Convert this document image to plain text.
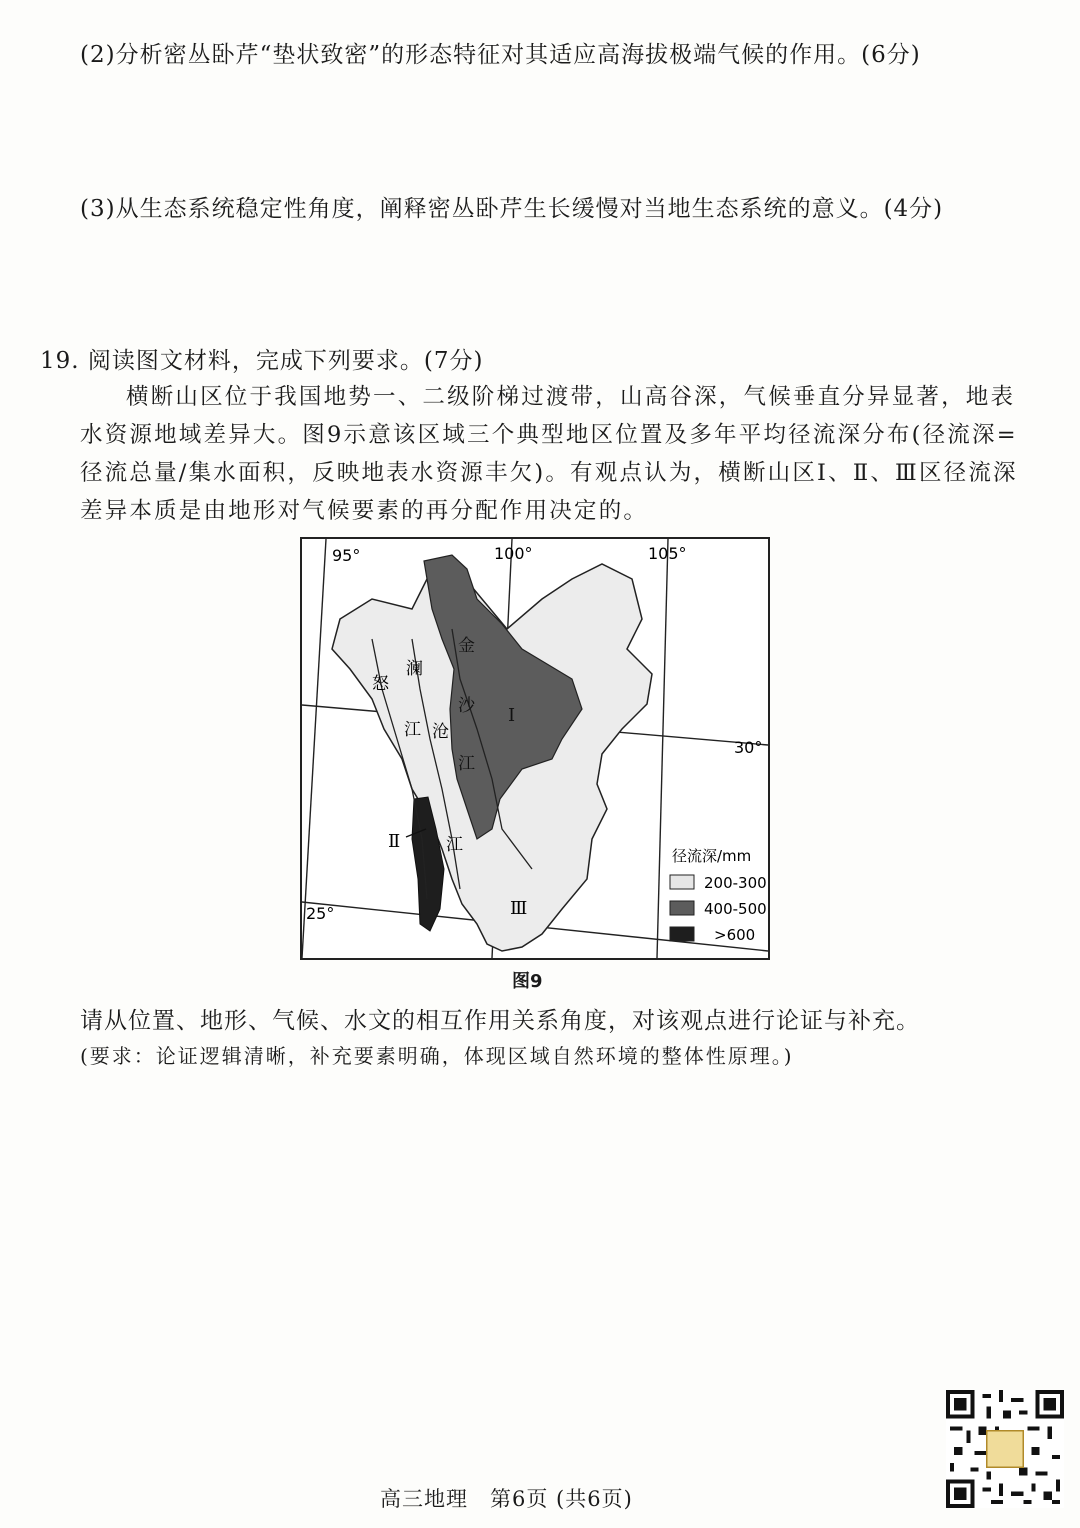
(2)分析密丛卧芹“垫状致密”的形态特征对其适应高海拔极端气候的作用。(6分)
(3)从生态系统稳定性角度，阐释密丛卧芹生长缓慢对当地生态系统的意义。(4分)
19. 阅读图文材料，完成下列要求。(7分)
横断山区位于我国地势一、二级阶梯过渡带，山高谷深，气候垂直分异显著，地表水资源地域差异大。图9示意该区域三个典型地区位置及多年平均径流深分布(径流深=径流总量/集水面积，反映地表水资源丰欠)。有观点认为，横断山区Ⅰ、Ⅱ、Ⅲ区径流深差异本质是由地形对气候要素的再分配作用决定的。
95°	100°	105°
30°
25°
怒
江
澜
沧
江
金
沙
江
Ⅰ
Ⅱ
Ⅲ
径流深/mm
200-300
400-500
>600
图9
请从位置、地形、气候、水文的相互作用关系角度，对该观点进行论证与补充。
(要求：论证逻辑清晰，补充要素明确，体现区域自然环境的整体性原理。)
高三地理　第6页 (共6页)
